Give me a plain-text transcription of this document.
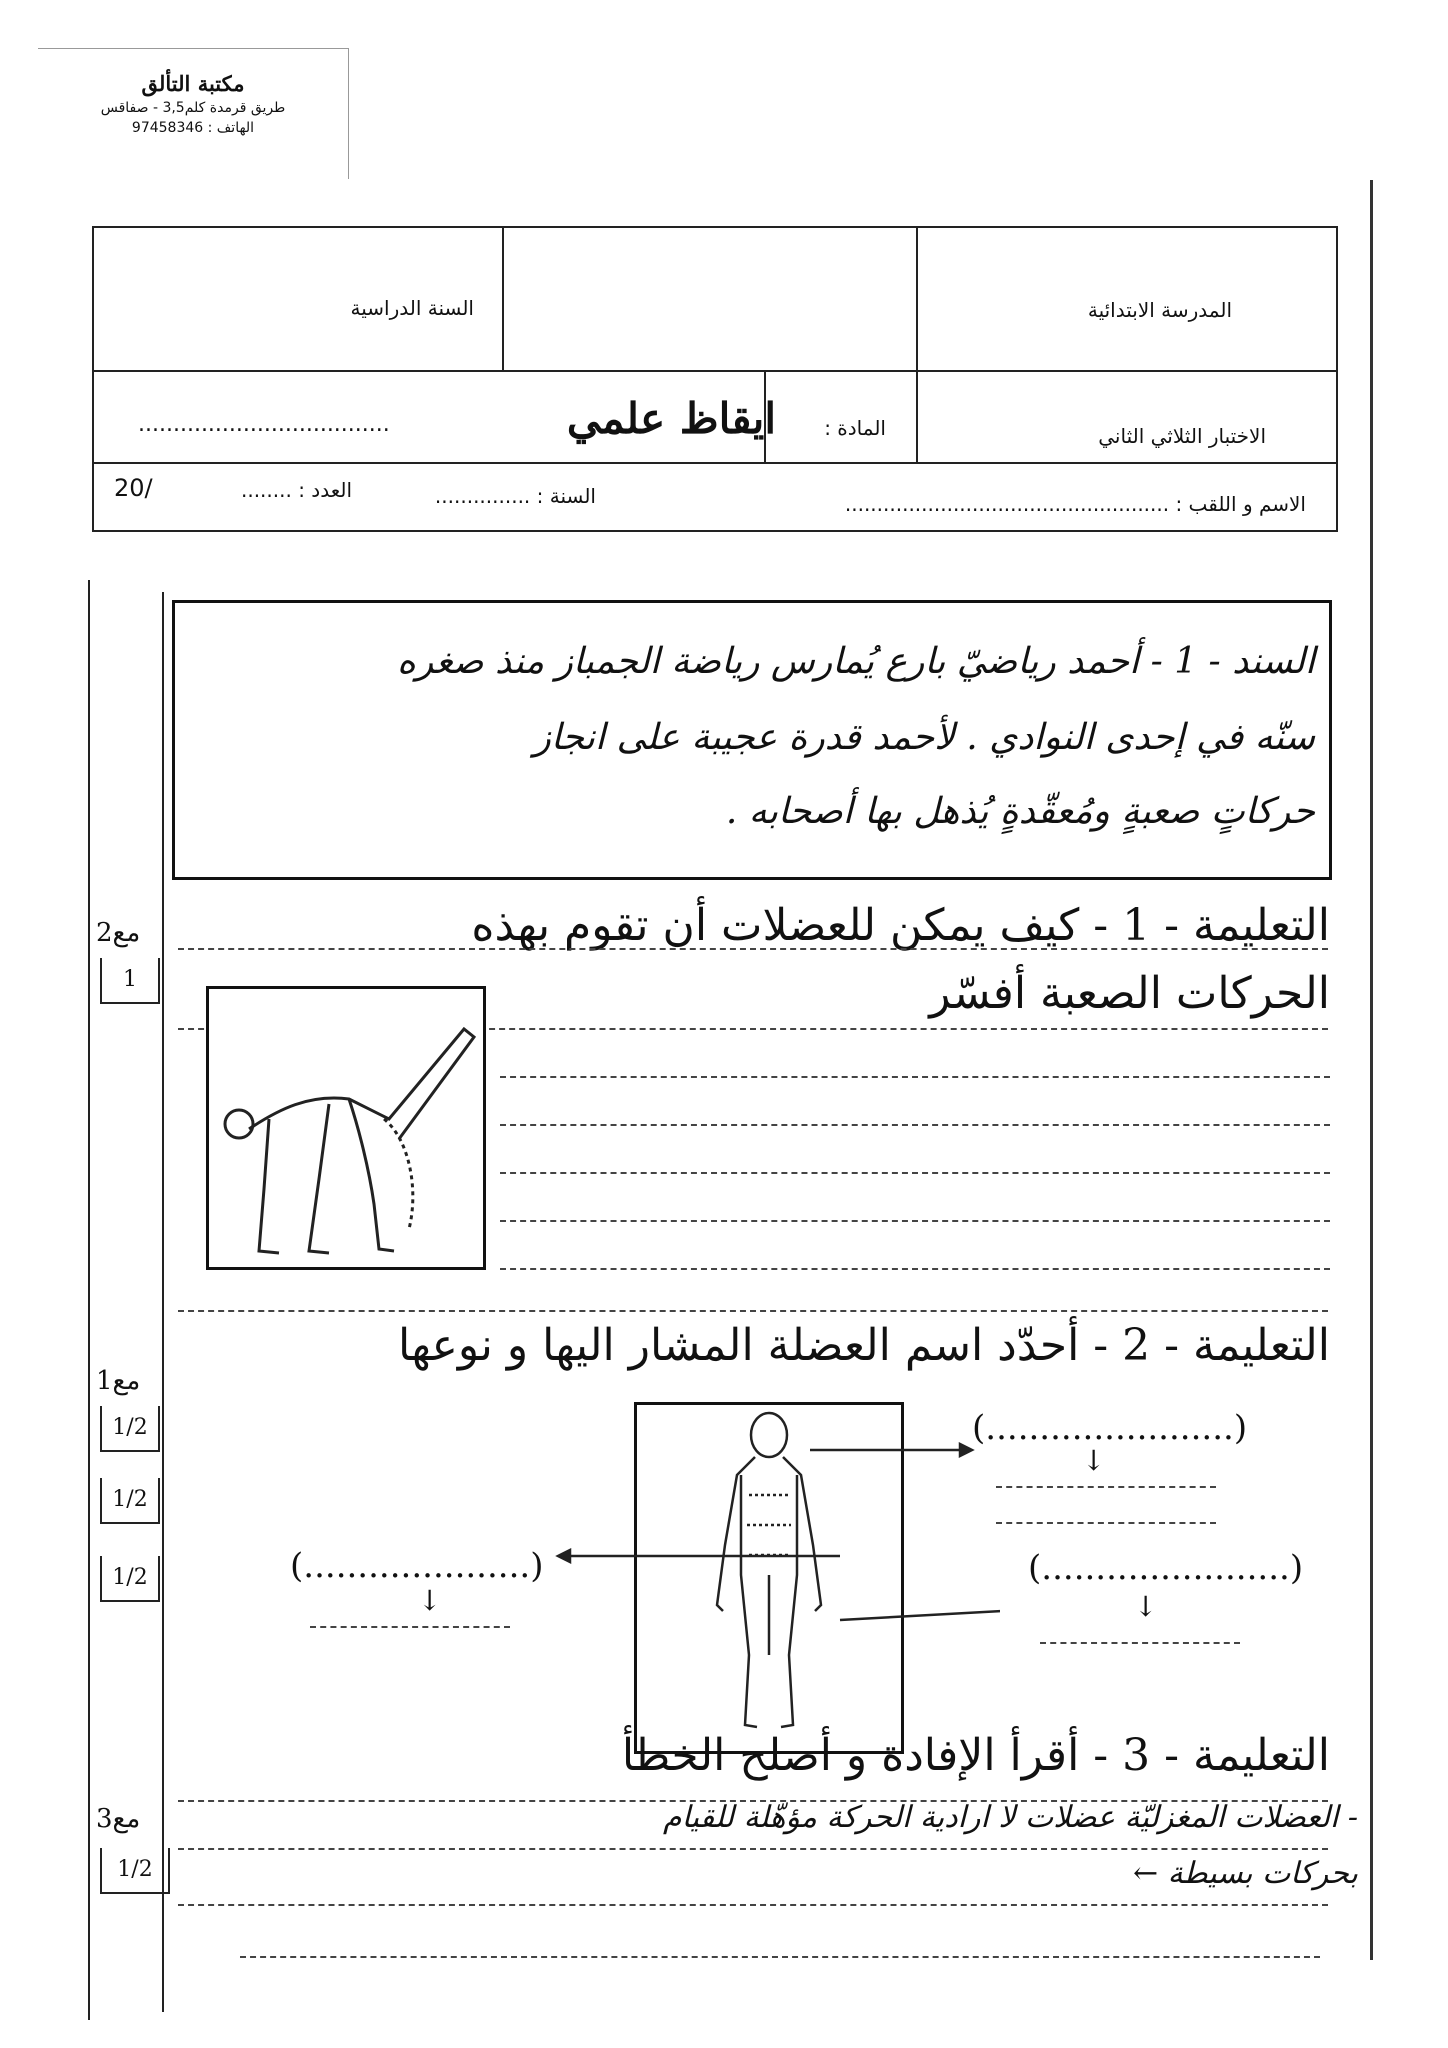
مكتبة التألق
طريق قرمدة كلم3,5 - صفاقس
الهاتف : 97458346
المدرسة الابتدائية
السنة الدراسية
الاختبار الثلاثي الثاني
المادة :
ايقاظ علمي
....................................
الاسم و اللقب : ...................................................
السنة : ...............
العدد : ........
20/
السند - 1 - أحمد رياضيّ بارع يُمارس رياضة الجمباز منذ صغره
سنّه في إحدى النوادي . لأحمد قدرة عجيبة على انجاز
حركاتٍ صعبةٍ ومُعقّدةٍ يُذهل بها أصحابه .
مع2
1
التعليمة - 1 - كيف يمكن للعضلات أن تقوم بهذه
الحركات الصعبة أفسّر
مع1
1/2
1/2
1/2
التعليمة - 2 - أحدّد اسم العضلة المشار اليها و نوعها
(.......................)
↓
(.....................)
↓
(.......................)
↓
مع3
1/2
التعليمة - 3 - أقرأ الإفادة و أصلح الخطأ
- العضلات المغزليّة عضلات لا ارادية الحركة مؤهّلة للقيام
بحركات بسيطة ←
